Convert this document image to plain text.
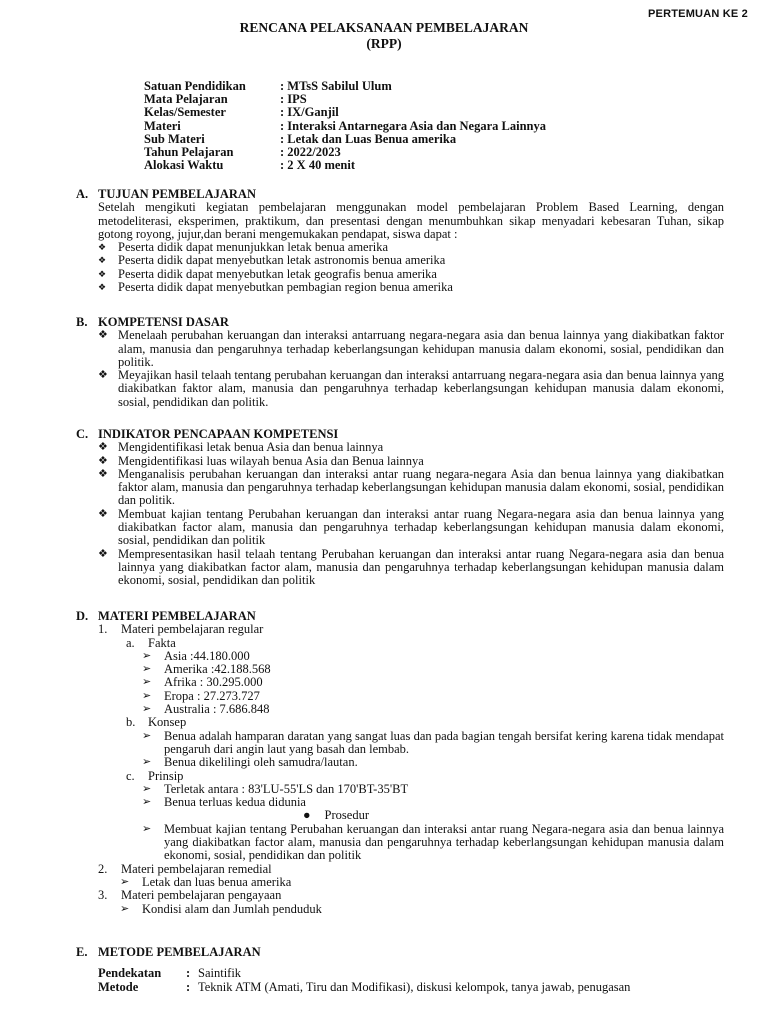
PERTEMUAN KE 2
RENCANA PELAKSANAAN PEMBELAJARAN
(RPP)
Satuan Pendidikan	: MTsS Sabilul Ulum
Mata Pelajaran	: IPS
Kelas/Semester	: IX/Ganjil
Materi	: Interaksi Antarnegara Asia dan Negara Lainnya
Sub Materi	: Letak dan Luas Benua amerika
Tahun Pelajaran	: 2022/2023
Alokasi Waktu	: 2 X 40 menit
A. TUJUAN PEMBELAJARAN
Setelah mengikuti kegiatan pembelajaran menggunakan model pembelajaran Problem Based Learning, dengan metodeliterasi, eksperimen, praktikum, dan presentasi dengan menumbuhkan sikap menyadari kebesaran Tuhan, sikap gotong royong, jujur,dan berani mengemukakan pendapat, siswa dapat :
❖ Peserta didik dapat menunjukkan letak benua amerika
❖ Peserta didik dapat menyebutkan letak astronomis benua amerika
❖ Peserta didik dapat menyebutkan letak geografis benua amerika
❖ Peserta didik dapat menyebutkan pembagian region benua amerika
B. KOMPETENSI DASAR
❖ Menelaah perubahan keruangan dan interaksi antarruang negara-negara asia dan benua lainnya yang diakibatkan faktor alam, manusia dan pengaruhnya terhadap keberlangsungan kehidupan manusia dalam ekonomi, sosial, pendidikan dan politik.
❖ Meyajikan hasil telaah tentang perubahan keruangan dan interaksi antarruang negara-negara asia dan benua lainnya yang diakibatkan faktor alam, manusia dan pengaruhnya terhadap keberlangsungan kehidupan manusia dalam ekonomi, sosial, pendidikan dan politik.
C. INDIKATOR PENCAPAAN KOMPETENSI
❖ Mengidentifikasi letak benua Asia dan benua lainnya
❖ Mengidentifikasi luas wilayah benua Asia dan Benua lainnya
❖ Menganalisis perubahan keruangan dan interaksi antar ruang negara-negara Asia dan benua lainnya yang diakibatkan faktor alam, manusia dan pengaruhnya terhadap keberlangsungan kehidupan manusia dalam ekonomi, sosial, pendidikan dan politik.
❖ Membuat kajian tentang Perubahan keruangan dan interaksi antar ruang Negara-negara asia dan benua lainnya yang diakibatkan factor alam, manusia dan pengaruhnya terhadap keberlangsungan kehidupan manusia dalam ekonomi, sosial, pendidikan dan politik
❖ Mempresentasikan hasil telaah tentang Perubahan keruangan dan interaksi antar ruang Negara-negara asia dan benua lainnya yang diakibatkan factor alam, manusia dan pengaruhnya terhadap keberlangsungan kehidupan manusia dalam ekonomi, sosial, pendidikan dan politik
D. MATERI PEMBELAJARAN
1.	Materi pembelajaran regular
a.	Fakta
➢	Asia :44.180.000
➢	Amerika :42.188.568
➢	Afrika : 30.295.000
➢	Eropa : 27.273.727
➢	Australia : 7.686.848
b.	Konsep
➢	Benua adalah hamparan daratan yang sangat luas dan pada bagian tengah bersifat kering karena tidak mendapat pengaruh dari angin laut yang basah dan lembab.
➢	Benua dikelilingi oleh samudra/lautan.
c.	Prinsip
➢	Terletak antara : 83'LU-55'LS dan 170'BT-35'BT
➢	Benua terluas kedua didunia
● Prosedur
➢	Membuat kajian tentang Perubahan keruangan dan interaksi antar ruang Negara-negara asia dan benua lainnya yang diakibatkan factor alam, manusia dan pengaruhnya terhadap keberlangsungan kehidupan manusia dalam ekonomi, sosial, pendidikan dan politik
2.	Materi pembelajaran remedial
➢	Letak dan luas benua amerika
3.	Materi pembelajaran pengayaan
➢	Kondisi alam dan Jumlah penduduk
E. METODE PEMBELAJARAN
Pendekatan	: Saintifik
Metode	: Teknik ATM (Amati, Tiru dan Modifikasi), diskusi kelompok, tanya jawab, penugasan
